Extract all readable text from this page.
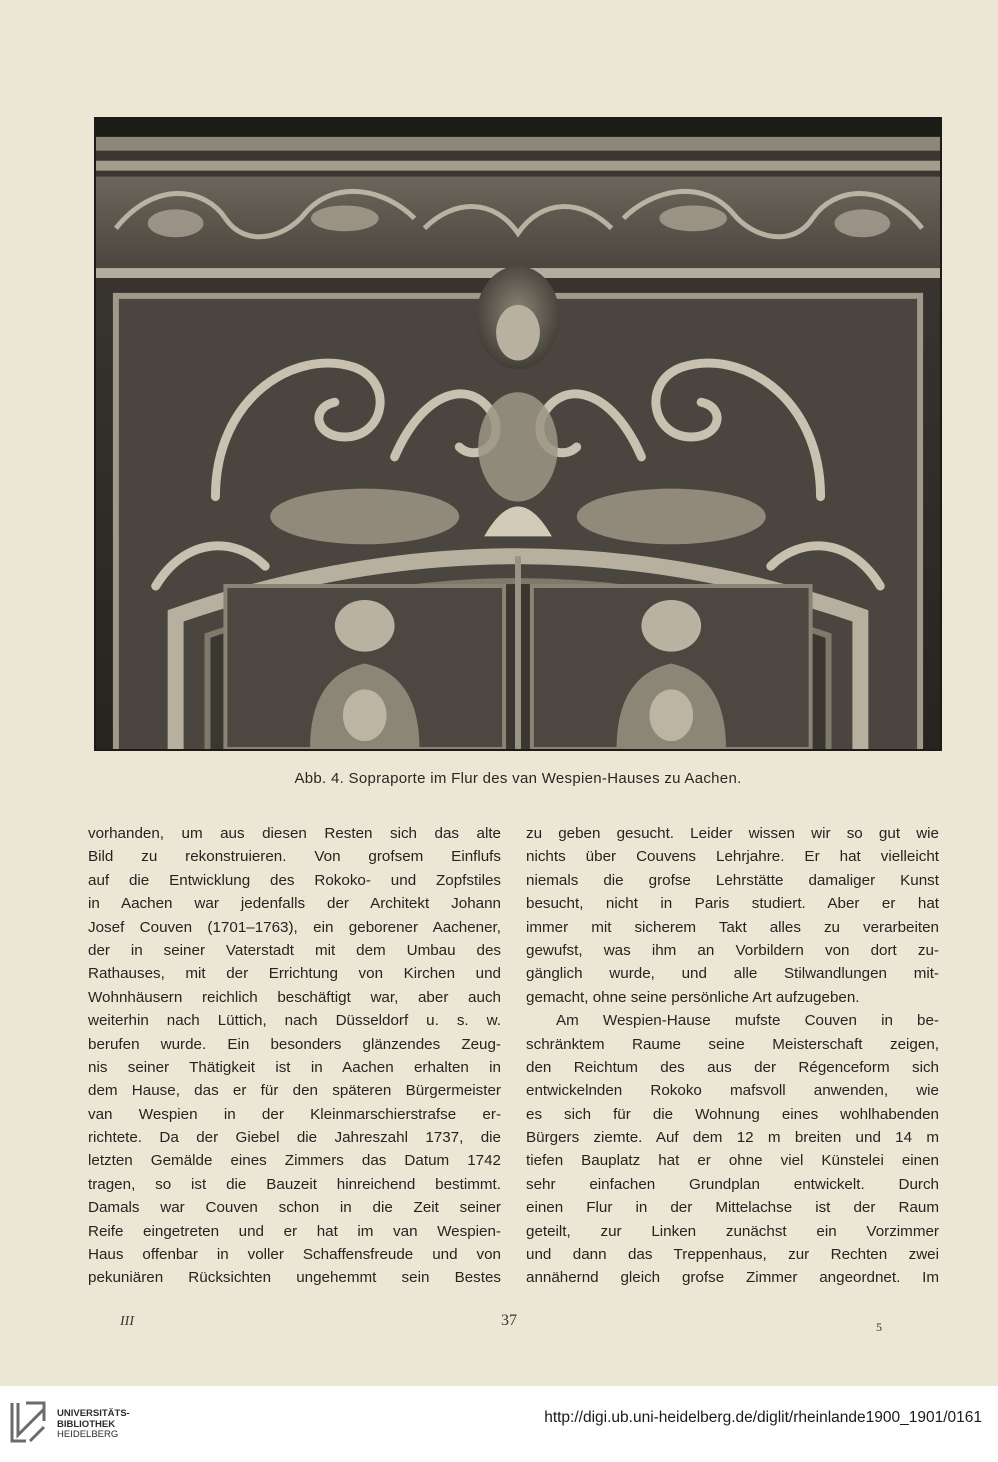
Abb. 4. Sopraporte im Flur des van Wespien-Hauses zu Aachen.
vorhanden, um aus diesen Resten sich das alte
Bild zu rekonstruieren. Von grofsem Einflufs
auf die Entwicklung des Rokoko- und Zopfstiles
in Aachen war jedenfalls der Architekt Johann
Josef Couven (1701–1763), ein geborener Aachener,
der in seiner Vaterstadt mit dem Umbau des
Rathauses, mit der Errichtung von Kirchen und
Wohnhäusern reichlich beschäftigt war, aber auch
weiterhin nach Lüttich, nach Düsseldorf u. s. w.
berufen wurde. Ein besonders glänzendes Zeug-
nis seiner Thätigkeit ist in Aachen erhalten in
dem Hause, das er für den späteren Bürgermeister
van Wespien in der Kleinmarschierstrafse er-
richtete. Da der Giebel die Jahreszahl 1737, die
letzten Gemälde eines Zimmers das Datum 1742
tragen, so ist die Bauzeit hinreichend bestimmt.
Damals war Couven schon in die Zeit seiner
Reife eingetreten und er hat im van Wespien-
Haus offenbar in voller Schaffensfreude und von
pekuniären Rücksichten ungehemmt sein Bestes
zu geben gesucht. Leider wissen wir so gut wie
nichts über Couvens Lehrjahre. Er hat vielleicht
niemals die grofse Lehrstätte damaliger Kunst
besucht, nicht in Paris studiert. Aber er hat
immer mit sicherem Takt alles zu verarbeiten
gewufst, was ihm an Vorbildern von dort zu-
gänglich wurde, und alle Stilwandlungen mit-
gemacht, ohne seine persönliche Art aufzugeben.
Am Wespien-Hause mufste Couven in be-
schränktem Raume seine Meisterschaft zeigen,
den Reichtum des aus der Régenceform sich
entwickelnden Rokoko mafsvoll anwenden, wie
es sich für die Wohnung eines wohlhabenden
Bürgers ziemte. Auf dem 12 m breiten und 14 m
tiefen Bauplatz hat er ohne viel Künstelei einen
sehr einfachen Grundplan entwickelt. Durch
einen Flur in der Mittelachse ist der Raum
geteilt, zur Linken zunächst ein Vorzimmer
und dann das Treppenhaus, zur Rechten zwei
annähernd gleich grofse Zimmer angeordnet. Im
III	37	5
UNIVERSITÄTS-
BIBLIOTHEK
HEIDELBERG
http://digi.ub.uni-heidelberg.de/diglit/rheinlande1900_1901/0161
